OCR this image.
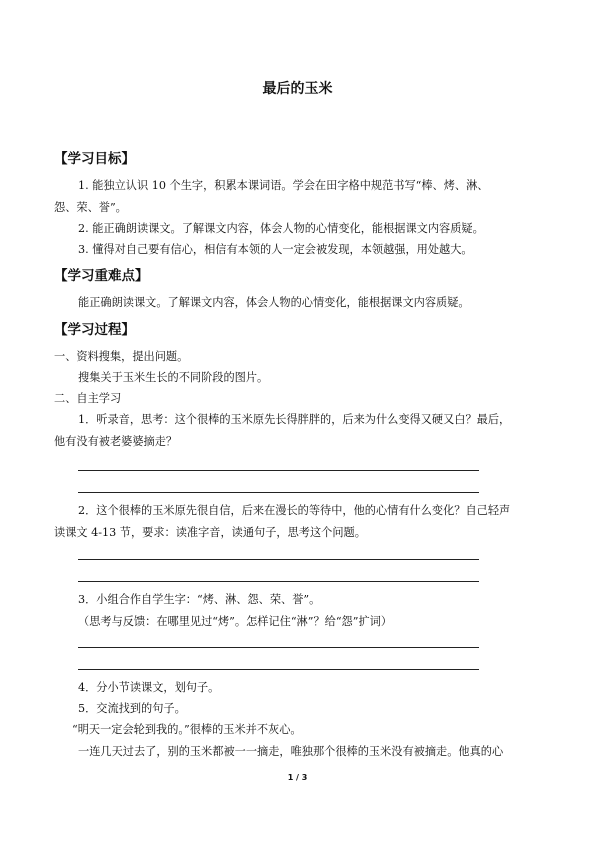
最后的玉米
【学习目标】
1. 能独立认识 10 个生字，积累本课词语。学会在田字格中规范书写“棒、烤、淋、
怨、荣、誉”。
2. 能正确朗读课文。了解课文内容，体会人物的心情变化，能根据课文内容质疑。
3. 懂得对自己要有信心，相信有本领的人一定会被发现，本领越强，用处越大。
【学习重难点】
能正确朗读课文。了解课文内容，体会人物的心情变化，能根据课文内容质疑。
【学习过程】
一、资料搜集，提出问题。
搜集关于玉米生长的不同阶段的图片。
二、自主学习
1．听录音，思考：这个很棒的玉米原先长得胖胖的，后来为什么变得又硬又白？最后，
他有没有被老婆婆摘走？
2．这个很棒的玉米原先很自信，后来在漫长的等待中，他的心情有什么变化？自己轻声
读课文 4-13 节，要求：读准字音，读通句子，思考这个问题。
3．小组合作自学生字：“烤、淋、怨、荣、誉”。
（思考与反馈：在哪里见过“烤”。怎样记住“淋”？给“怨”扩词）
4．分小节读课文，划句子。
5．交流找到的句子。
“明天一定会轮到我的。”很棒的玉米并不灰心。
一连几天过去了，别的玉米都被一一摘走，唯独那个很棒的玉米没有被摘走。他真的心
1 / 3
